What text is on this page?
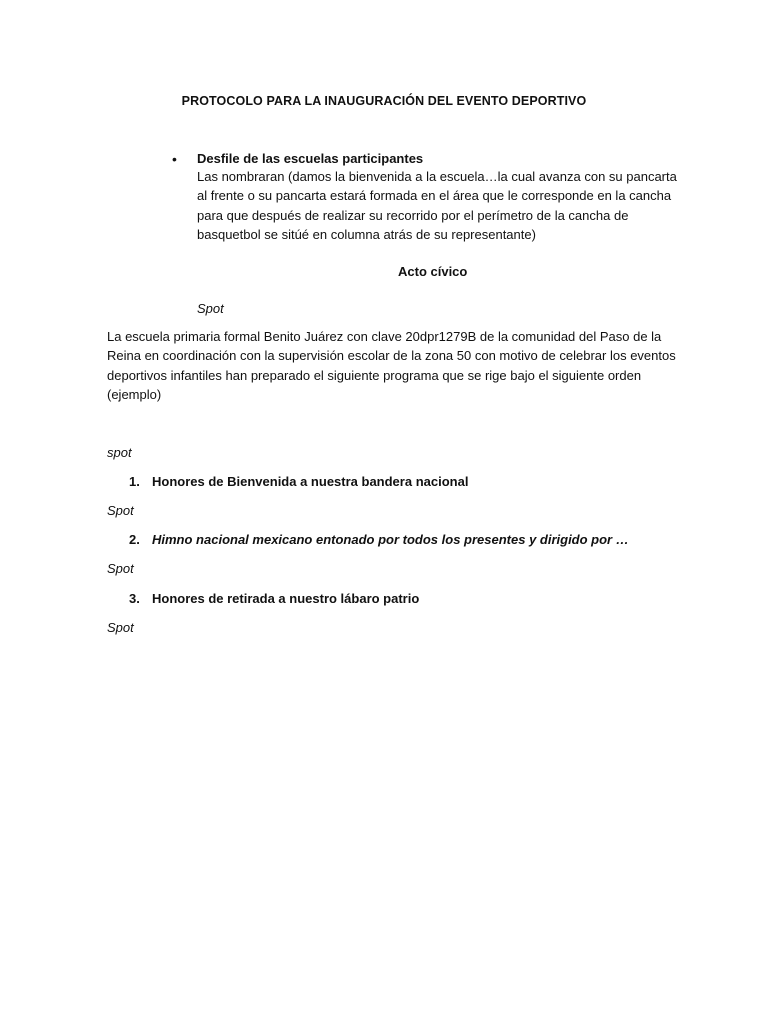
PROTOCOLO PARA LA INAUGURACIÓN DEL EVENTO DEPORTIVO
• Desfile de las escuelas participantes
Las nombraran (damos la bienvenida a la escuela…la cual avanza con su pancarta
al frente o su pancarta estará formada en el área que le corresponde en la cancha
para que después de realizar su recorrido por el perímetro de la cancha de
basquetbol se sitúé en columna atrás de su representante)
Acto cívico
Spot
La escuela primaria formal Benito Juárez con clave 20dpr1279B de la comunidad del Paso de la
Reina en coordinación con la supervisión escolar de la zona 50 con motivo de celebrar los eventos
deportivos infantiles han preparado el siguiente programa que se rige bajo el siguiente orden
(ejemplo)
spot
1. Honores de Bienvenida a nuestra bandera nacional
Spot
2. Himno nacional mexicano entonado por todos los presentes y dirigido por …
Spot
3. Honores de retirada a nuestro lábaro patrio
Spot
